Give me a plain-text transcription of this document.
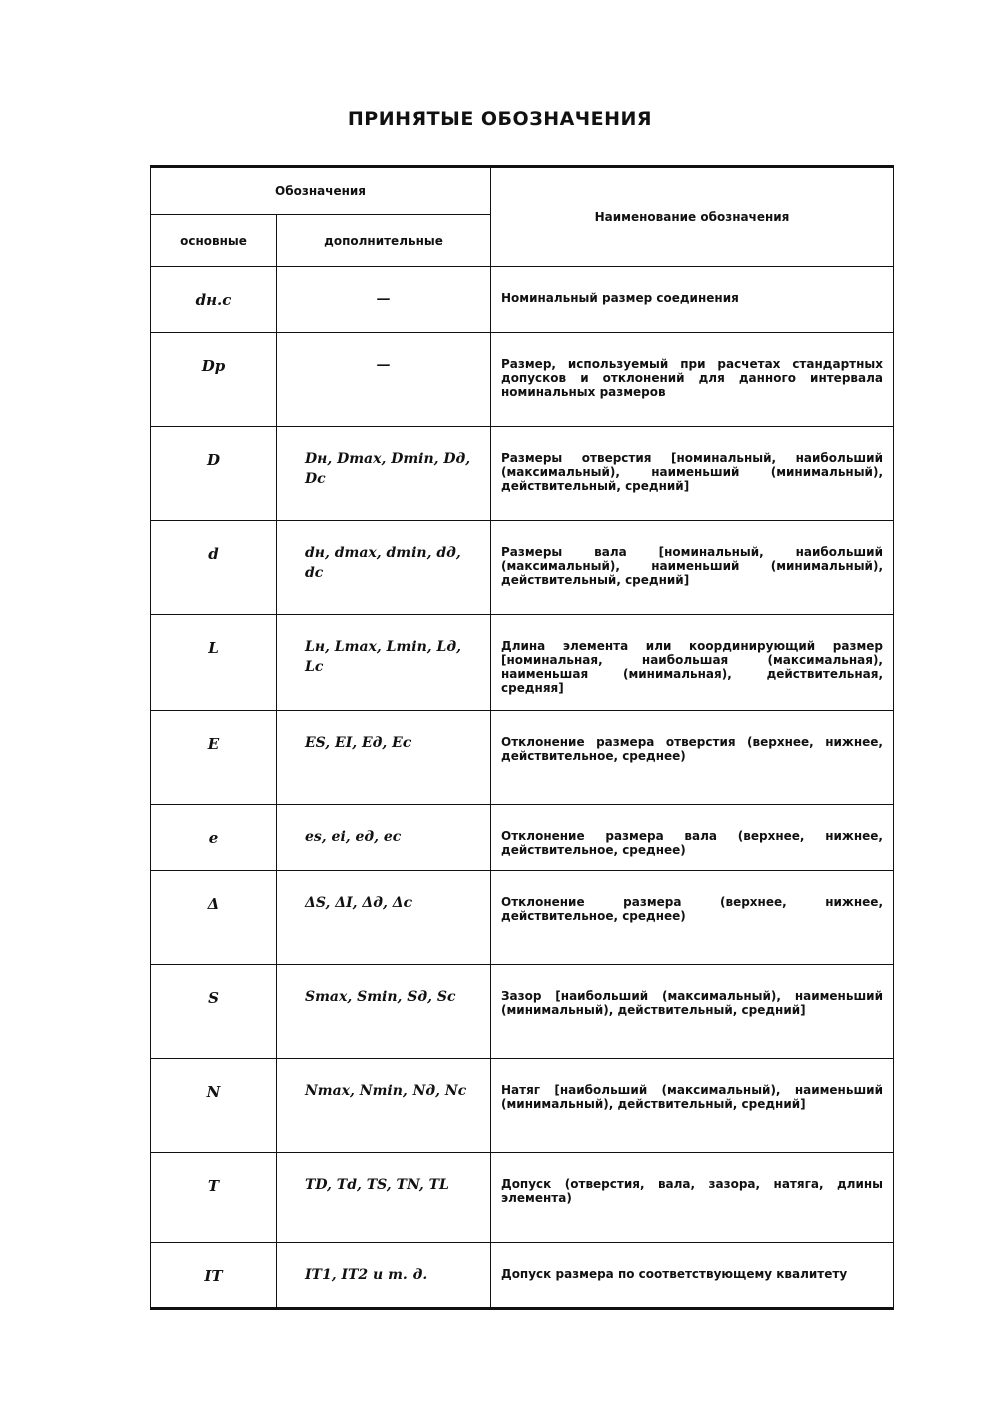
ПРИНЯТЫЕ ОБОЗНАЧЕНИЯ
Обозначения		Наименование обозначения
основные	дополнительные	
dн.с	—	Номинальный размер соединения
Dр	—	Размер, используемый при расчетах стандартных допусков и отклонений для данного интервала номинальных размеров
D	Dн, Dmax, Dmin, Dд, Dс	Размеры отверстия [номинальный, наибольший (максимальный), наименьший (минимальный), действительный, средний]
d	dн, dmax, dmin, dд, dс	Размеры вала [номинальный, наибольший (максимальный), наименьший (минимальный), действительный, средний]
L	Lн, Lmax, Lmin, Lд, Lс	Длина элемента или координирующий размер [номинальная, наибольшая (максимальная), наименьшая (минимальная), действительная, средняя]
E	ES, EI, Eд, Eс	Отклонение размера отверстия (верхнее, нижнее, действительное, среднее)
e	es, ei, eд, ec	Отклонение размера вала (верхнее, нижнее, действительное, среднее)
Δ	ΔS, ΔI, Δд, Δс	Отклонение размера (верхнее, нижнее, действительное, среднее)
S	Smax, Smin, Sд, Sс	Зазор [наибольший (максимальный), наименьший (минимальный), действительный, средний]
N	Nmax, Nmin, Nд, Nс	Натяг [наибольший (максимальный), наименьший (минимальный), действительный, средний]
T	TD, Td, TS, TN, TL	Допуск (отверстия, вала, зазора, натяга, длины элемента)
IT	IT1, IT2 и т. д.	Допуск размера по соответствующему квалитету
